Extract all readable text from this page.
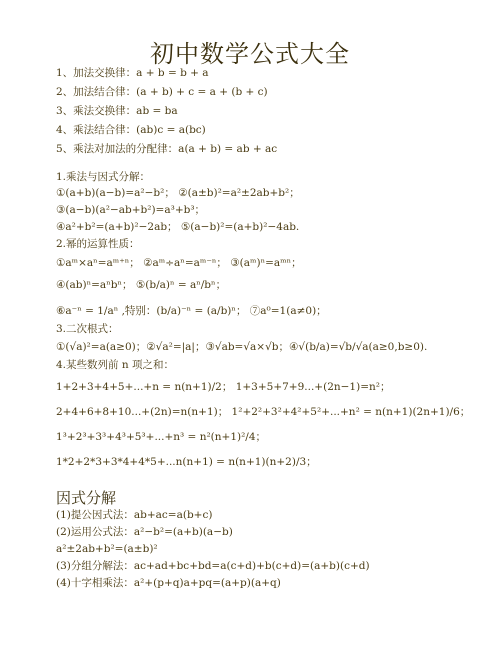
初中数学公式大全
1、加法交换律：a + b = b + a
2、加法结合律：(a + b) + c = a + (b + c)
3、乘法交换律：ab = ba
4、乘法结合律：(ab)c = a(bc)
5、乘法对加法的分配律：a(a + b) = ab + ac
1.乘法与因式分解：
①(a+b)(a−b)=a²−b²； ②(a±b)²=a²±2ab+b²；
③(a−b)(a²−ab+b²)=a³+b³；
④a²+b²=(a+b)²−2ab； ⑤(a−b)²=(a+b)²−4ab.
2.幂的运算性质：
①aᵐ×aⁿ=aᵐ⁺ⁿ； ②aᵐ÷aⁿ=aᵐ⁻ⁿ； ③(aᵐ)ⁿ=aᵐⁿ；
④(ab)ⁿ=aⁿbⁿ； ⑤(b/a)ⁿ = aⁿ/bⁿ；
⑥a⁻ⁿ = 1/aⁿ ,特别：(b/a)⁻ⁿ = (a/b)ⁿ； ⑦a⁰=1(a≠0)；
3.二次根式：
①(√a)²=a(a≥0)；②√a²=|a|；③√ab=√a×√b；④√(b/a)=√b/√a(a≥0,b≥0).
4.某些数列前 n 项之和：
1+2+3+4+5+...+n = n(n+1)/2； 1+3+5+7+9...+(2n−1)=n²；
2+4+6+8+10...+(2n)=n(n+1)； 1²+2²+3²+4²+5²+...+n² = n(n+1)(2n+1)/6；
1³+2³+3³+4³+5³+...+n³ = n²(n+1)²/4；
1*2+2*3+3*4+4*5+...n(n+1) = n(n+1)(n+2)/3；
因式分解
(1)提公因式法：ab+ac=a(b+c)
(2)运用公式法：a²−b²=(a+b)(a−b)
a²±2ab+b²=(a±b)²
(3)分组分解法：ac+ad+bc+bd=a(c+d)+b(c+d)=(a+b)(c+d)
(4)十字相乘法：a²+(p+q)a+pq=(a+p)(a+q)
